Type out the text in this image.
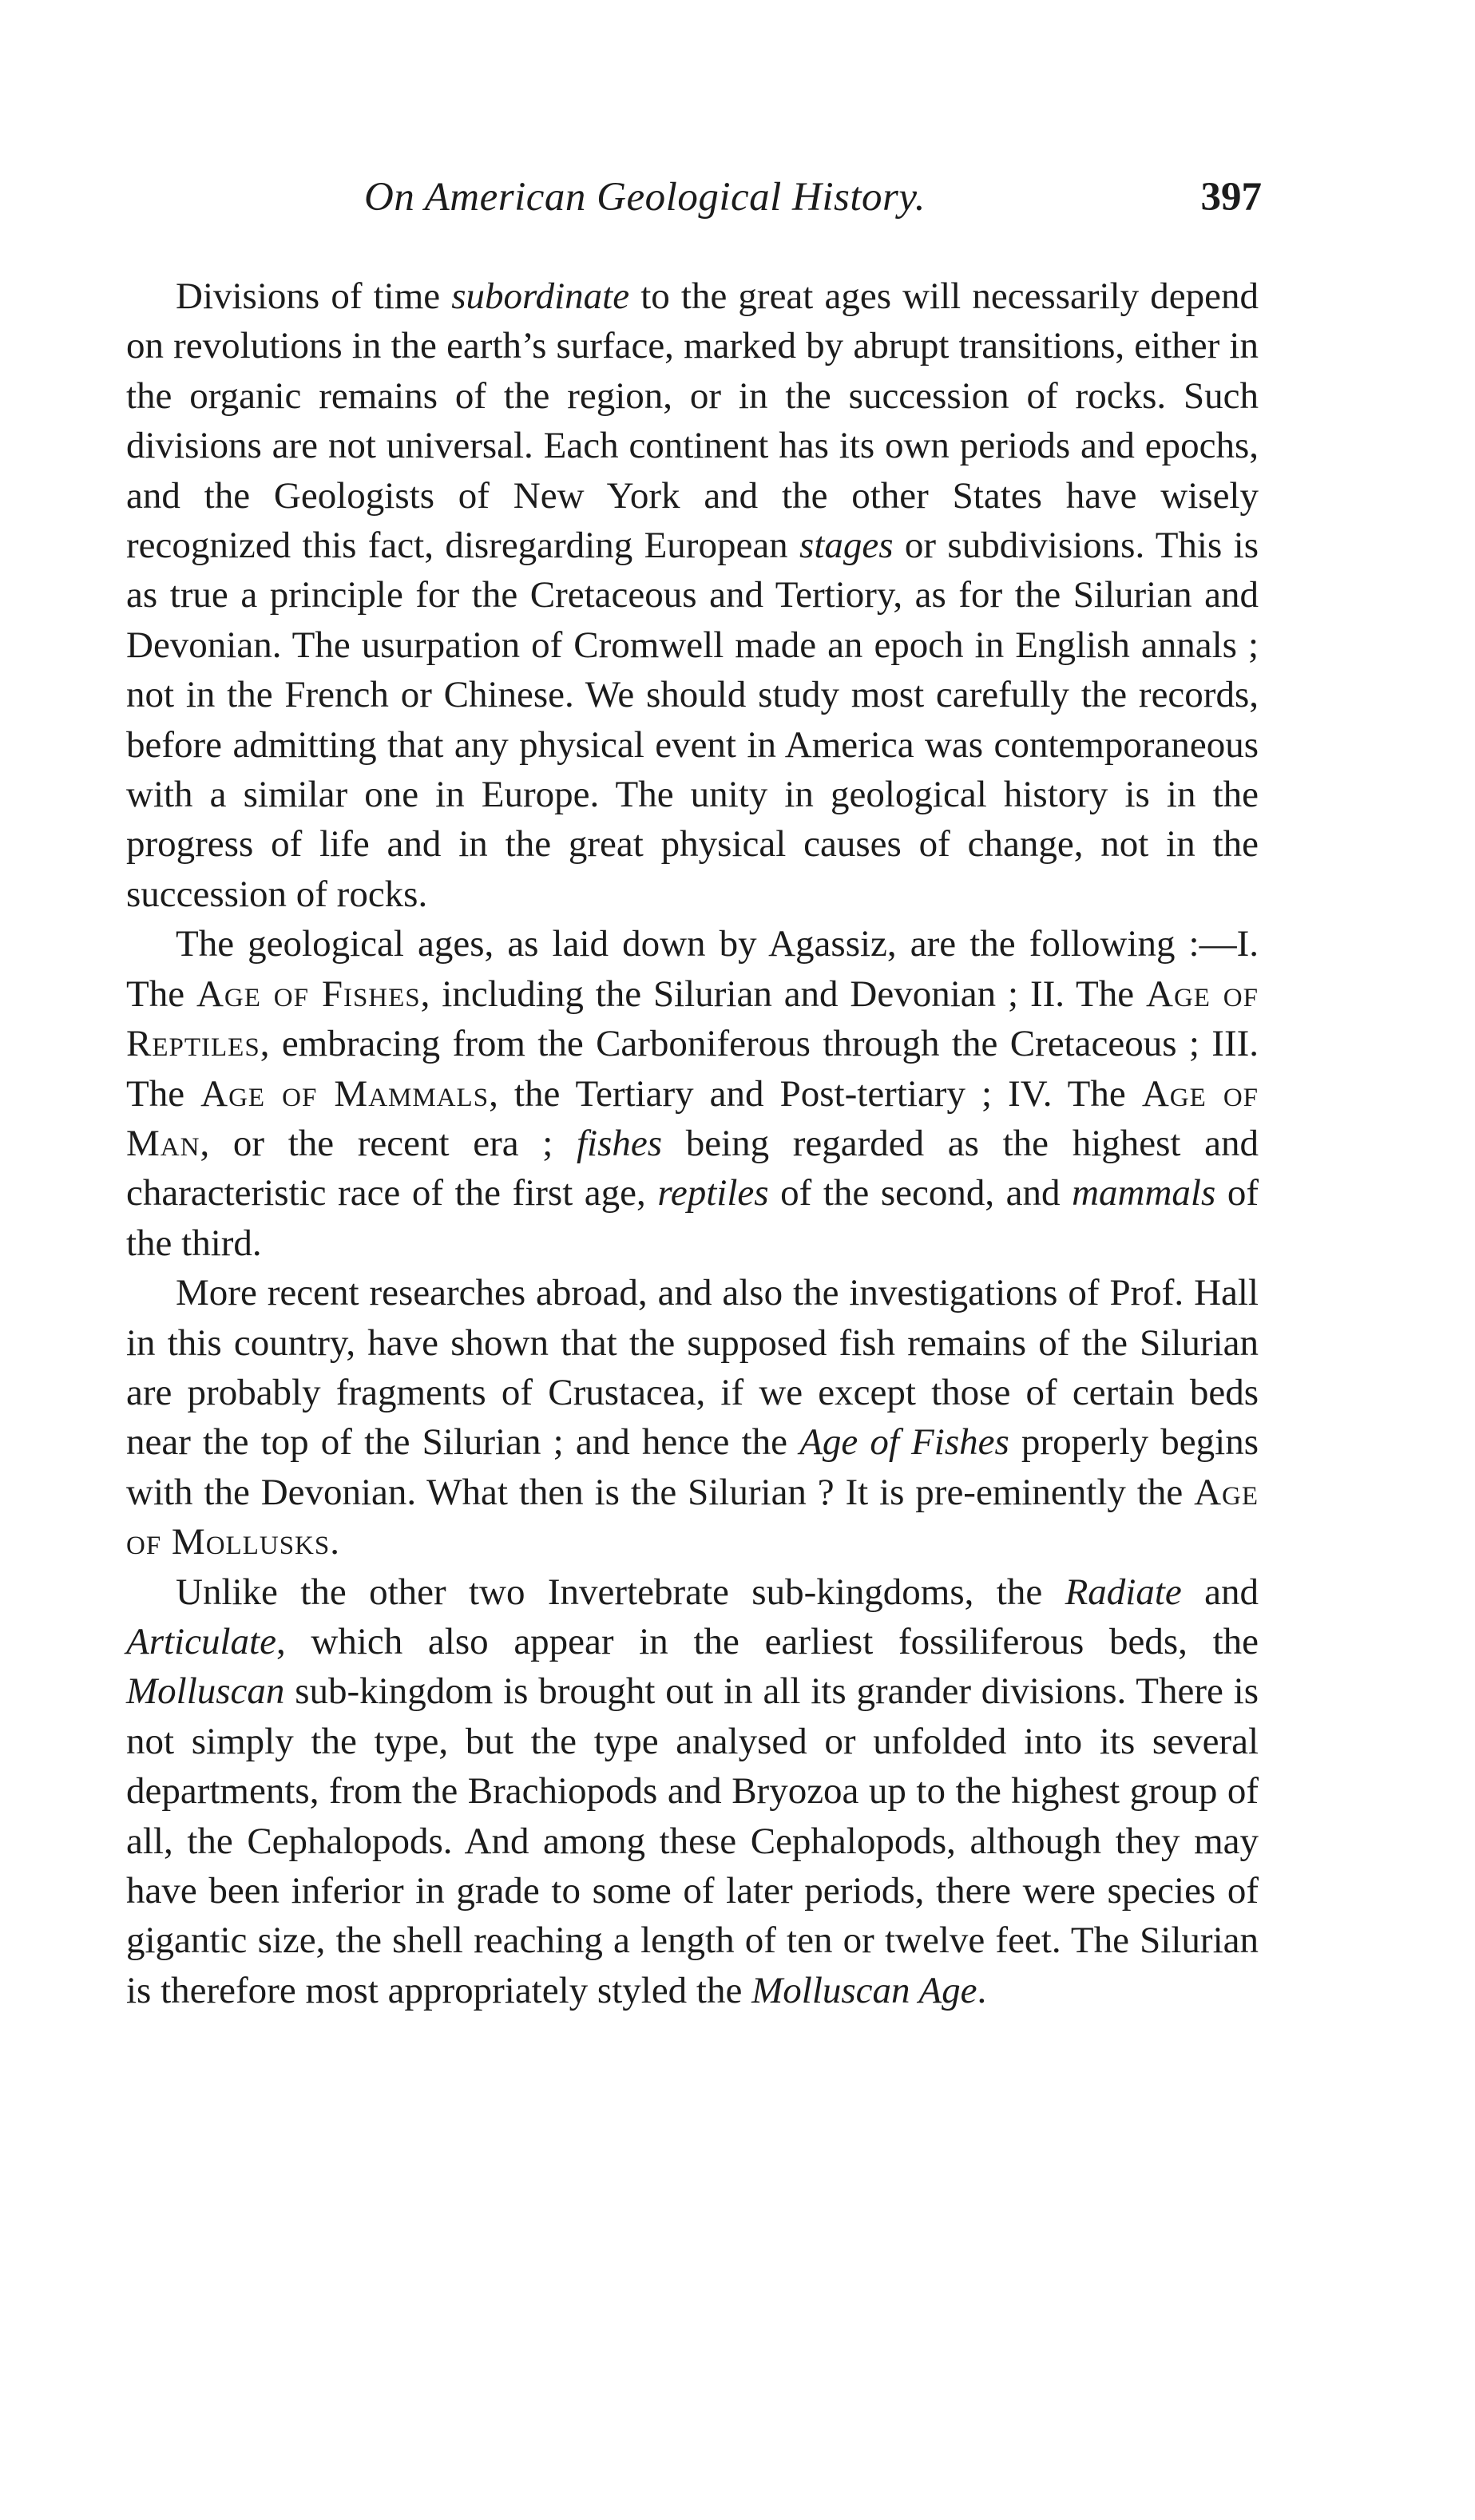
On American Geological History.	397

Divisions of time subordinate to the great ages will necessarily depend on revolutions in the earth’s surface, marked by abrupt transitions, either in the organic remains of the region, or in the succession of rocks. Such divisions are not universal. Each continent has its own periods and epochs, and the Geologists of New York and the other States have wisely recognized this fact, disregarding European stages or subdivisions. This is as true a principle for the Cretaceous and Tertiory, as for the Silurian and Devonian. The usurpation of Cromwell made an epoch in English annals ; not in the French or Chinese. We should study most carefully the records, before admitting that any physical event in America was contemporaneous with a similar one in Europe. The unity in geological history is in the progress of life and in the great physical causes of change, not in the succession of rocks.

The geological ages, as laid down by Agassiz, are the following :—I. The Age of Fishes, including the Silurian and Devonian ; II. The Age of Reptiles, embracing from the Carboniferous through the Cretaceous ; III. The Age of Mammals, the Tertiary and Post-tertiary ; IV. The Age of Man, or the recent era ; fishes being regarded as the highest and characteristic race of the first age, reptiles of the second, and mammals of the third.

More recent researches abroad, and also the investigations of Prof. Hall in this country, have shown that the supposed fish remains of the Silurian are probably fragments of Crustacea, if we except those of certain beds near the top of the Silurian ; and hence the Age of Fishes properly begins with the Devonian. What then is the Silurian ? It is pre-eminently the Age of Mollusks.

Unlike the other two Invertebrate sub-kingdoms, the Radiate and Articulate, which also appear in the earliest fossiliferous beds, the Molluscan sub-kingdom is brought out in all its grander divisions. There is not simply the type, but the type analysed or unfolded into its several departments, from the Brachiopods and Bryozoa up to the highest group of all, the Cephalopods. And among these Cephalopods, although they may have been inferior in grade to some of later periods, there were species of gigantic size, the shell reaching a length of ten or twelve feet. The Silurian is therefore most appropriately styled the Molluscan Age.
